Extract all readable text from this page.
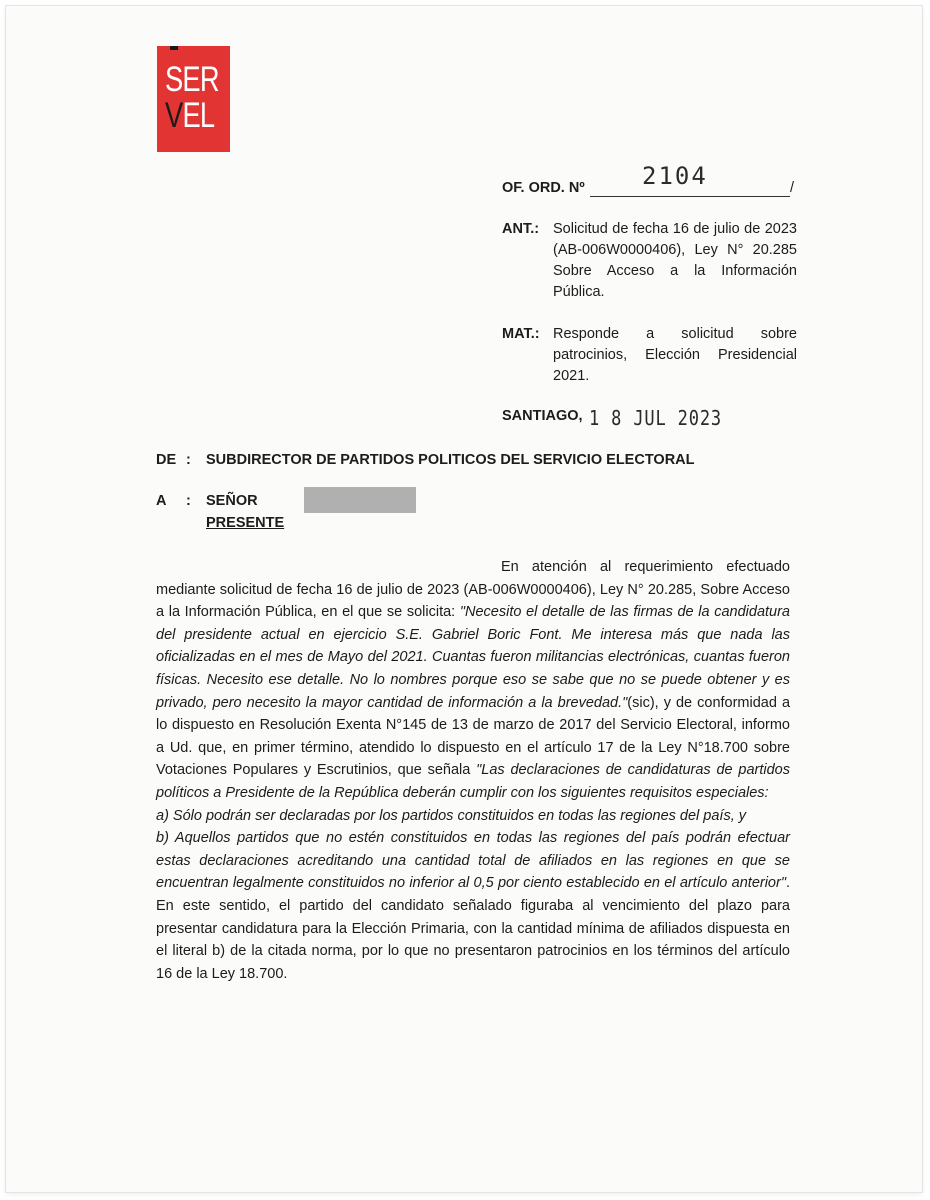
SER
VEL
OF. ORD. Nº 2104	/
ANT.: Solicitud de fecha 16 de julio de 2023 (AB-006W0000406), Ley N° 20.285 Sobre Acceso a la Información Pública.
MAT.: Responde a solicitud sobre patrocinios, Elección Presidencial 2021.
SANTIAGO, 1 8 JUL 2023
DE : SUBDIRECTOR DE PARTIDOS POLITICOS DEL SERVICIO ELECTORAL
A : SEÑOR
PRESENTE

En atención al requerimiento efectuado mediante solicitud de fecha 16 de julio de 2023 (AB-006W0000406), Ley N° 20.285, Sobre Acceso a la Información Pública, en el que se solicita: "Necesito el detalle de las firmas de la candidatura del presidente actual en ejercicio S.E. Gabriel Boric Font. Me interesa más que nada las oficializadas en el mes de Mayo del 2021. Cuantas fueron militancias electrónicas, cuantas fueron físicas. Necesito ese detalle. No lo nombres porque eso se sabe que no se puede obtener y es privado, pero necesito la mayor cantidad de información a la brevedad."(sic), y de conformidad a lo dispuesto en Resolución Exenta N°145 de 13 de marzo de 2017 del Servicio Electoral, informo a Ud. que, en primer término, atendido lo dispuesto en el artículo 17 de la Ley N°18.700 sobre Votaciones Populares y Escrutinios, que señala "Las declaraciones de candidaturas de partidos políticos a Presidente de la República deberán cumplir con los siguientes requisitos especiales:

a) Sólo podrán ser declaradas por los partidos constituidos en todas las regiones del país, y

b) Aquellos partidos que no estén constituidos en todas las regiones del país podrán efectuar estas declaraciones acreditando una cantidad total de afiliados en las regiones en que se encuentran legalmente constituidos no inferior al 0,5 por ciento establecido en el artículo anterior". En este sentido, el partido del candidato señalado figuraba al vencimiento del plazo para presentar candidatura para la Elección Primaria, con la cantidad mínima de afiliados dispuesta en el literal b) de la citada norma, por lo que no presentaron patrocinios en los términos del artículo 16 de la Ley 18.700.
